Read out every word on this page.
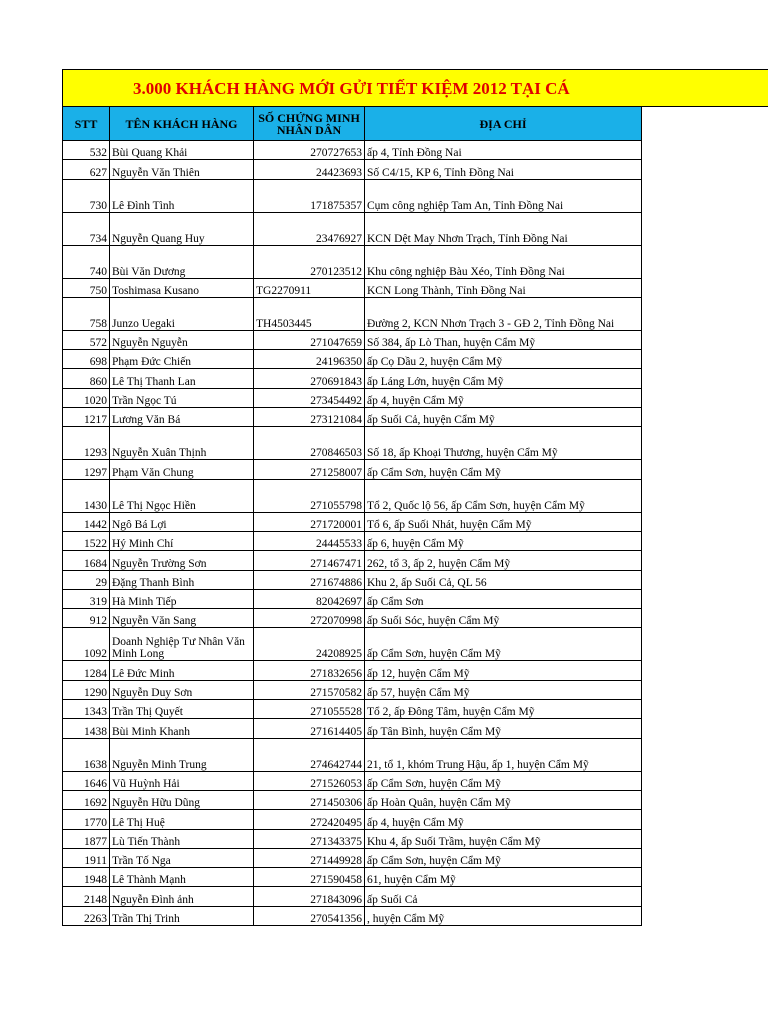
3.000 KHÁCH HÀNG MỚI GỬI TIẾT KIỆM 2012 TẠI CÁ
STT	TÊN KHÁCH HÀNG	SỐ CHỨNG MINH NHÂN DÂN	ĐỊA CHỈ
532	Bùi Quang Khải	270727653	ấp 4, Tỉnh Đồng Nai
627	Nguyễn Văn Thiên	24423693	Số C4/15, KP 6, Tỉnh Đồng Nai
730	Lê Đình Tình	171875357	Cụm công nghiệp Tam An, Tỉnh Đồng Nai
734	Nguyễn Quang Huy	23476927	KCN Dệt May Nhơn Trạch, Tỉnh Đồng Nai
740	Bùi Văn Dương	270123512	Khu công nghiệp Bàu Xéo, Tỉnh Đồng Nai
750	Toshimasa Kusano	TG2270911	KCN Long Thành, Tỉnh Đồng Nai
758	Junzo Uegaki	TH4503445	Đường 2, KCN Nhơn Trạch 3 - GĐ 2, Tỉnh Đồng Nai
572	Nguyễn Nguyễn	271047659	Số 384, ấp Lò Than, huyện Cẩm Mỹ
698	Phạm Đức Chiến	24196350	ấp Cọ Dầu 2, huyện Cẩm Mỹ
860	Lê Thị Thanh Lan	270691843	ấp Láng Lớn, huyện Cẩm Mỹ
1020	Trần Ngọc Tú	273454492	ấp 4, huyện Cẩm Mỹ
1217	Lương Văn Bá	273121084	ấp Suối Cả, huyện Cẩm Mỹ
1293	Nguyễn Xuân Thịnh	270846503	Số 18, ấp Khoại Thương, huyện Cẩm Mỹ
1297	Phạm Văn Chung	271258007	ấp Cẩm Sơn, huyện Cẩm Mỹ
1430	Lê Thị Ngọc Hiền	271055798	Tổ 2, Quốc lộ 56, ấp Cẩm Sơn, huyện Cẩm Mỹ
1442	Ngô Bá Lợi	271720001	Tổ 6, ấp Suối Nhát, huyện Cẩm Mỹ
1522	Hý Minh Chí	24445533	ấp 6, huyện Cẩm Mỹ
1684	Nguyễn Trường Sơn	271467471	262, tổ 3, ấp 2, huyện Cẩm Mỹ
29	Đặng Thanh Bình	271674886	Khu 2, ấp Suối Cả, QL 56
319	Hà Minh Tiếp	82042697	ấp Cẩm Sơn
912	Nguyễn Văn Sang	272070998	ấp Suối Sóc, huyện Cẩm Mỹ
1092	Doanh Nghiệp Tư Nhân Văn Minh Long	24208925	ấp Cẩm Sơn, huyện Cẩm Mỹ
1284	Lê Đức Minh	271832656	ấp 12, huyện Cẩm Mỹ
1290	Nguyễn Duy Sơn	271570582	ấp 57, huyện Cẩm Mỹ
1343	Trần Thị Quyết	271055528	Tổ 2, ấp Đông Tâm, huyện Cẩm Mỹ
1438	Bùi Minh Khanh	271614405	ấp Tân Bình, huyện Cẩm Mỹ
1638	Nguyễn Minh Trung	274642744	21, tổ 1, khóm Trung Hậu, ấp 1, huyện Cẩm Mỹ
1646	Vũ Huỳnh Hải	271526053	ấp Cẩm Sơn, huyện Cẩm Mỹ
1692	Nguyễn Hữu Dũng	271450306	ấp Hoàn Quân, huyện Cẩm Mỹ
1770	Lê Thị Huệ	272420495	ấp 4, huyện Cẩm Mỹ
1877	Lù Tiến Thành	271343375	Khu 4, ấp Suối Trầm, huyện Cẩm Mỹ
1911	Trần Tố Nga	271449928	ấp Cẩm Sơn, huyện Cẩm Mỹ
1948	Lê Thành Mạnh	271590458	61, huyện Cẩm Mỹ
2148	Nguyễn Đình ảnh	271843096	ấp Suối Cả
2263	Trần Thị Trinh	270541356	, huyện Cẩm Mỹ
